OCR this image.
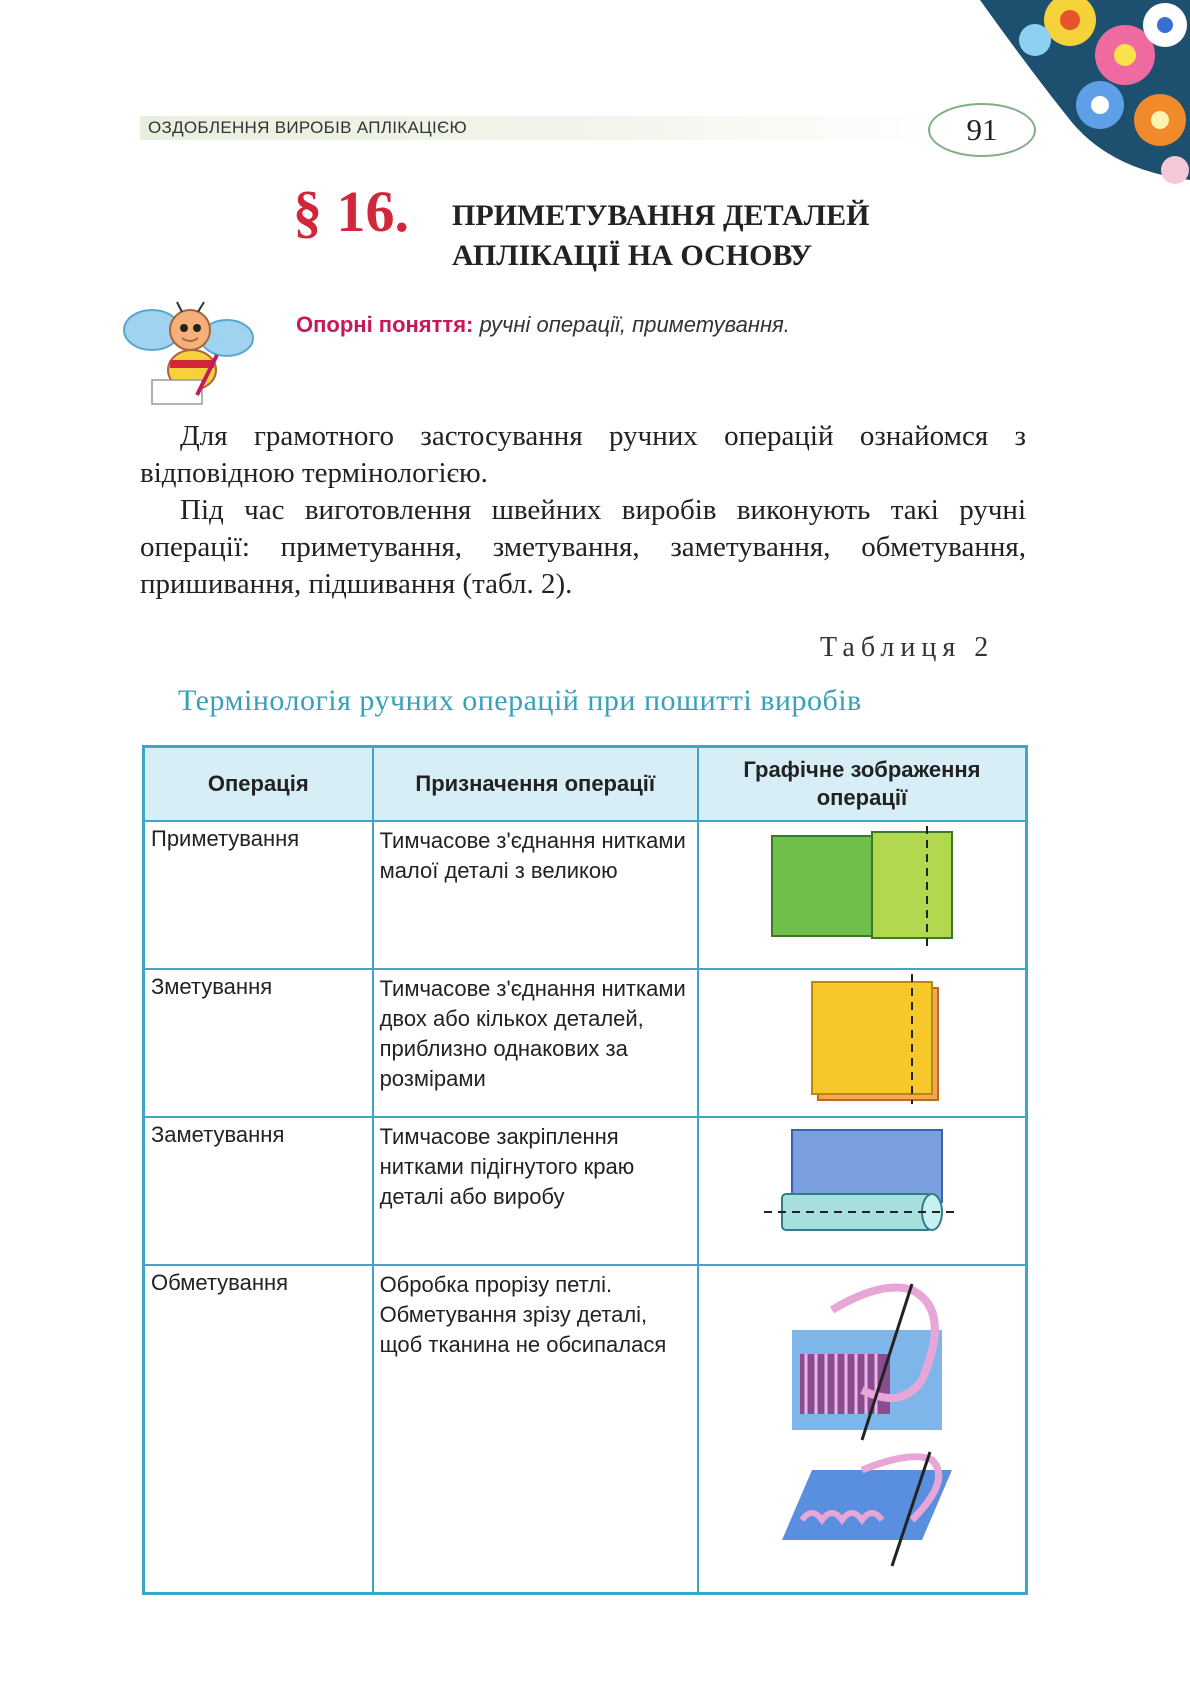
ОЗДОБЛЕННЯ ВИРОБІВ АПЛІКАЦІЄЮ	91
§ 16. ПРИМЕТУВАННЯ ДЕТАЛЕЙ
АПЛІКАЦІЇ НА ОСНОВУ
Опорні поняття: ручні операції, приметування.

Для грамотного застосування ручних операцій ознайомся з відповідною термінологією.

Під час виготовлення швейних виробів виконують такі ручні операції: приметування, зметування, заметування, обметування, пришивання, підшивання (табл. 2).

Таблиця 2
Термінологія ручних операцій при пошитті виробів
Операція	Призначення операції	Графічне зображення операції
Приметування	Тимчасове з'єднання нитками малої деталі з великою	

Зметування	Тимчасове з'єднання нитками двох або кількох деталей, приблизно однакових за розмірами	

Заметування	Тимчасове закріплення нитками підігнутого краю деталі або виробу	

Обметування	Обробка прорізу петлі. Обметування зрізу деталі, щоб тканина не обсипалася	
